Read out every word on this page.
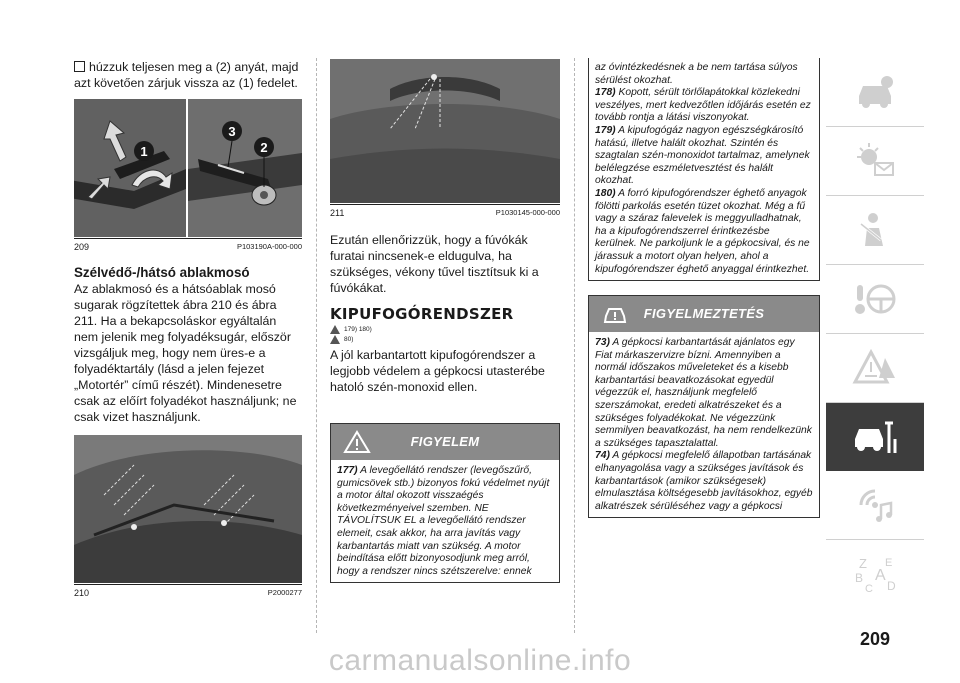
húzzuk teljesen meg a (2) anyát, majd azt követően zárjuk vissza az (1) fedelet.
1
3
2
209	P103190A-000-000
Szélvédő-/hátsó ablakmosó
Az ablakmosó és a hátsóablak mosó sugarak rögzítettek ábra 210 és ábra 211. Ha a bekapcsoláskor egyáltalán nem jelenik meg folyadéksugár, először vizsgáljuk meg, hogy nem üres-e a folyadéktartály (lásd a jelen fejezet „Motortér” című részét). Mindenesetre csak az előírt folyadékot használjunk; ne csak vizet használjunk.
210	P2000277
211	P1030145-000-000
Ezután ellenőrizzük, hogy a fúvókák furatai nincsenek-e eldugulva, ha szükséges, vékony tűvel tisztítsuk ki a fúvókákat.
KIPUFOGÓRENDSZER
179) 180)
80)
A jól karbantartott kipufogórendszer a legjobb védelem a gépkocsi utasterébe hatoló szén-monoxid ellen.
FIGYELEM

177) A levegőellátó rendszer (levegőszűrő, gumicsövek stb.) bizonyos fokú védelmet nyújt a motor által okozott visszaégés következményeivel szemben. NE TÁVOLÍTSUK EL a levegőellátó rendszer elemeit, csak akkor, ha arra javítás vagy karbantartás miatt van szükség. A motor beindítása előtt bizonyosodjunk meg arról, hogy a rendszer nincs szétszerelve: ennek

az óvintézkedésnek a be nem tartása súlyos sérülést okozhat.

178) Kopott, sérült törlőlapátokkal közlekedni veszélyes, mert kedvezőtlen időjárás esetén ez tovább rontja a látási viszonyokat.

179) A kipufogógáz nagyon egészségkárosító hatású, illetve halált okozhat. Szintén és szagtalan szén-monoxidot tartalmaz, amelynek belélegzése eszméletvesztést és halált okozhat.

180) A forró kipufogórendszer éghető anyagok fölötti parkolás esetén tüzet okozhat. Még a fű vagy a száraz falevelek is meggyulladhatnak, ha a kipufogórendszerrel érintkezésbe kerülnek. Ne parkoljunk le a gépkocsival, és ne járassuk a motort olyan helyen, ahol a kipufogórendszer éghető anyaggal érintkezhet.

FIGYELMEZTETÉS

73) A gépkocsi karbantartását ajánlatos egy Fiat márkaszervizre bízni. Amennyiben a normál időszakos műveleteket és a kisebb karbantartási beavatkozásokat egyedül végezzük el, használjunk megfelelő szerszámokat, eredeti alkatrészeket és a szükséges folyadékokat. Ne végezzünk semmilyen beavatkozást, ha nem rendelkezünk a szükséges tapasztalattal.

74) A gépkocsi megfelelő állapotban tartásának elhanyagolása vagy a szükséges javítások és karbantartások (amikor szükségesek) elmulasztása költségesebb javításokhoz, egyéb alkatrészek sérüléséhez vagy a gépkocsi

Z E
B A
C D
209
carmanualsonline.info
